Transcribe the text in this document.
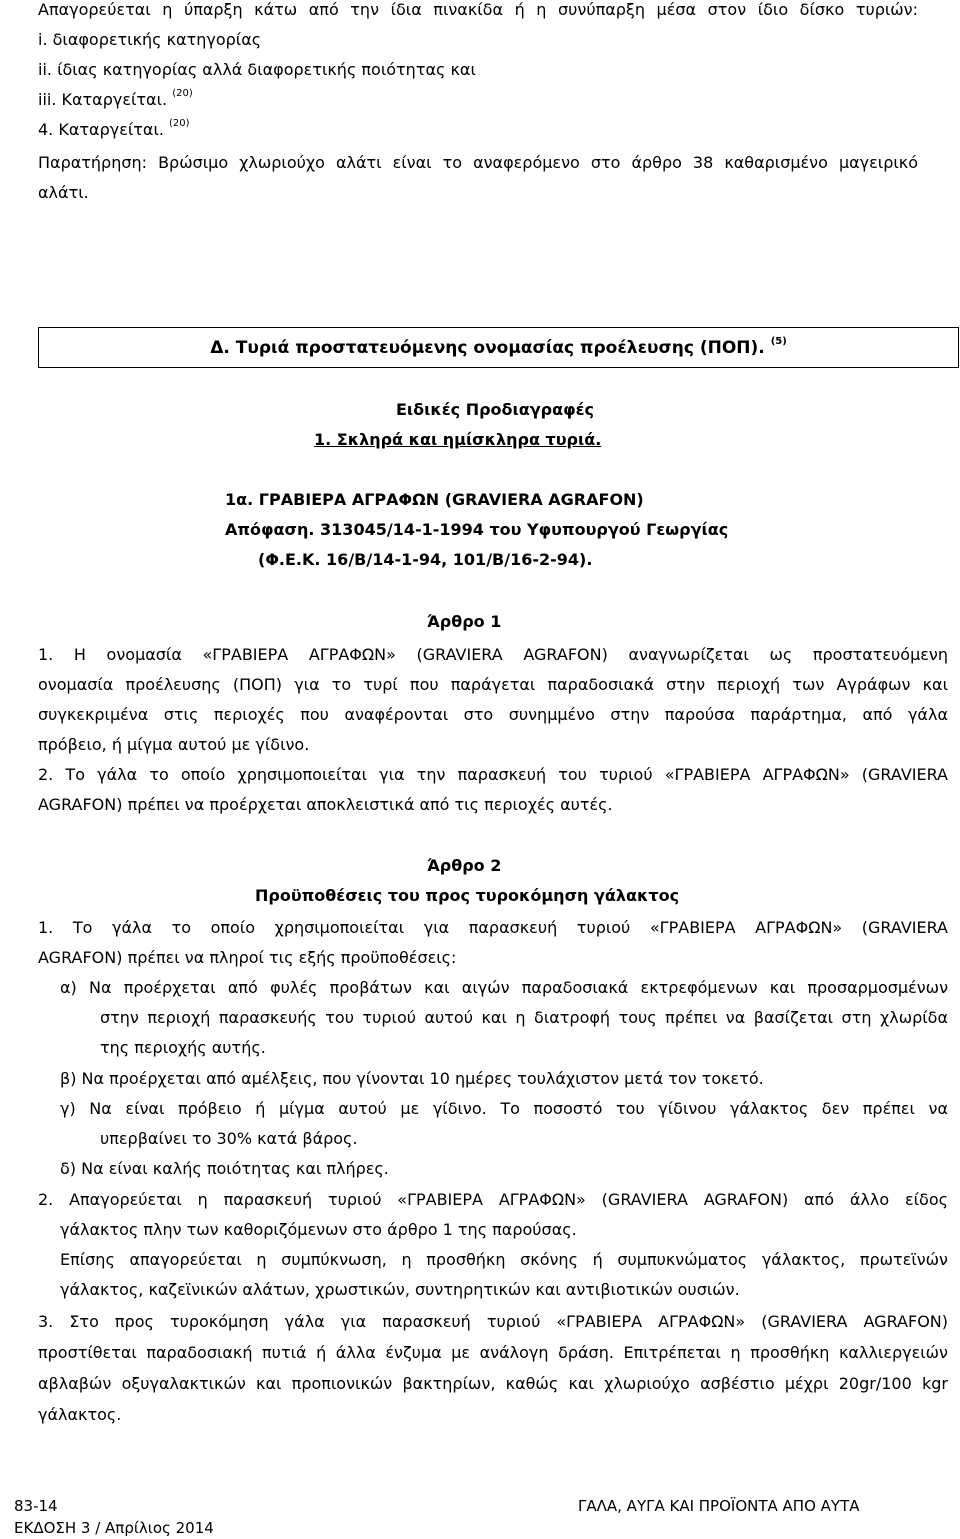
Απαγορεύεται η ύπαρξη κάτω από την ίδια πινακίδα ή η συνύπαρξη μέσα στον ίδιο δίσκο τυριών:
i. διαφορετικής κατηγορίας
ii. ίδιας κατηγορίας αλλά διαφορετικής ποιότητας και
iii. Καταργείται. $^{(20)}$
4. Καταργείται. $^{(20)}$
Παρατήρηση: Βρώσιμο χλωριούχο αλάτι είναι το αναφερόμενο στο άρθρο 38 καθαρισμένο μαγειρικό
αλάτι.
Δ. Τυριά προστατευόμενης ονομασίας προέλευσης (ΠΟΠ). $^{(5)}$
Ειδικές Προδιαγραφές
1. Σκληρά και ημίσκληρα τυριά.
1α. ΓΡΑΒΙΕΡΑ ΑΓΡΑΦΩΝ (GRAVIERA AGRAFON)
Απόφαση. 313045/14-1-1994 του Υφυπουργού Γεωργίας
(Φ.Ε.Κ. 16/Β/14-1-94, 101/Β/16-2-94).
Άρθρο 1
1. Η ονομασία «ΓΡΑΒΙΕΡΑ ΑΓΡΑΦΩΝ» (GRAVIERA AGRAFON) αναγνωρίζεται ως προστατευόμενη
ονομασία προέλευσης (ΠΟΠ) για το τυρί που παράγεται παραδοσιακά στην περιοχή των Αγράφων και
συγκεκριμένα στις περιοχές που αναφέρονται στο συνημμένο στην παρούσα παράρτημα, από γάλα
πρόβειο, ή μίγμα αυτού με γίδινο.
2. Το γάλα το οποίο χρησιμοποιείται για την παρασκευή του τυριού «ΓΡΑΒΙΕΡΑ ΑΓΡΑΦΩΝ» (GRAVIERA
AGRAFON) πρέπει να προέρχεται αποκλειστικά από τις περιοχές αυτές.
Άρθρο 2
Προϋποθέσεις του προς τυροκόμηση γάλακτος
1. Το γάλα το οποίο χρησιμοποιείται για παρασκευή τυριού «ΓΡΑΒΙΕΡΑ ΑΓΡΑΦΩΝ» (GRAVIERA
AGRAFON) πρέπει να πληροί τις εξής προϋποθέσεις:
α) Να προέρχεται από φυλές προβάτων και αιγών παραδοσιακά εκτρεφόμενων και προσαρμοσμένων
στην περιοχή παρασκευής του τυριού αυτού και η διατροφή τους πρέπει να βασίζεται στη χλωρίδα
της περιοχής αυτής.
β) Να προέρχεται από αμέλξεις, που γίνονται 10 ημέρες τουλάχιστον μετά τον τοκετό.
γ) Να είναι πρόβειο ή μίγμα αυτού με γίδινο. Το ποσοστό του γίδινου γάλακτος δεν πρέπει να
υπερβαίνει το 30% κατά βάρος.
δ) Να είναι καλής ποιότητας και πλήρες.
2. Απαγορεύεται η παρασκευή τυριού «ΓΡΑΒΙΕΡΑ ΑΓΡΑΦΩΝ» (GRAVIERA AGRAFON) από άλλο είδος
γάλακτος πλην των καθοριζόμενων στο άρθρο 1 της παρούσας.
Επίσης απαγορεύεται η συμπύκνωση, η προσθήκη σκόνης ή συμπυκνώματος γάλακτος, πρωτεϊνών
γάλακτος, καζεϊνικών αλάτων, χρωστικών, συντηρητικών και αντιβιοτικών ουσιών.
3. Στο προς τυροκόμηση γάλα για παρασκευή τυριού «ΓΡΑΒΙΕΡΑ ΑΓΡΑΦΩΝ» (GRAVIERA AGRAFON)
προστίθεται παραδοσιακή πυτιά ή άλλα ένζυμα με ανάλογη δράση. Επιτρέπεται η προσθήκη καλλιεργειών
αβλαβών οξυγαλακτικών και προπιονικών βακτηρίων, καθώς και χλωριούχο ασβέστιο μέχρι 20gr/100 kgr
γάλακτος.
83-14
ΕΚΔΟΣΗ 3 / Απρίλιος 2014
ΓΑΛΑ, ΑΥΓΑ ΚΑΙ ΠΡΟΪΟΝΤΑ ΑΠΟ ΑΥΤΑ
